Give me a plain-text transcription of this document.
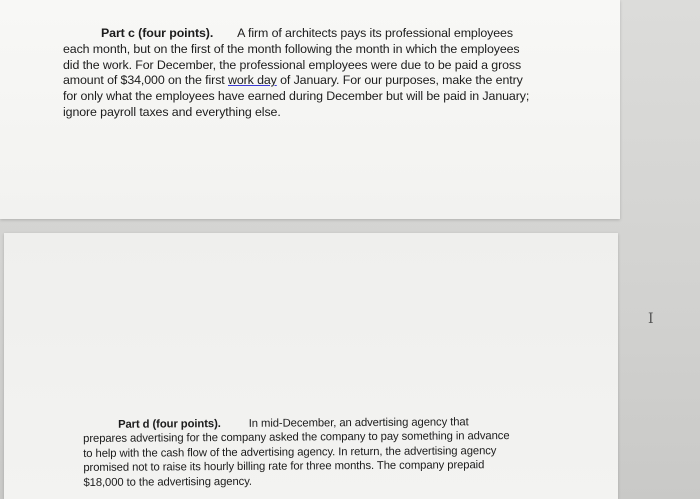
Part c (four points). A firm of architects pays its professional employees
each month, but on the first of the month following the month in which the employees
did the work. For December, the professional employees were due to be paid a gross
amount of $34,000 on the first work day of January. For our purposes, make the entry
for only what the employees have earned during December but will be paid in January;
ignore payroll taxes and everything else.
Part d (four points). In mid-December, an advertising agency that
prepares advertising for the company asked the company to pay something in advance
to help with the cash flow of the advertising agency. In return, the advertising agency
promised not to raise its hourly billing rate for three months. The company prepaid
$18,000 to the advertising agency.
I
